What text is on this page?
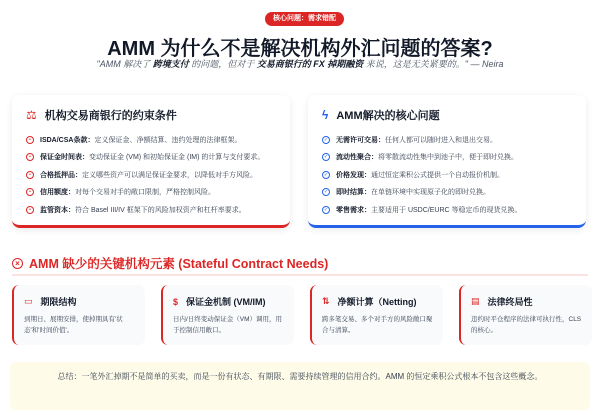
核心问题：需求错配
AMM 为什么不是解决机构外汇问题的答案?
"AMM 解决了 跨境支付 的问题，但对于 交易商银行的 FX 掉期融资 来说，这是无关紧要的。" — Neira
⚖ 机构交易商银行的约束条件
•	ISDA/CSA条款：定义保证金、净额结算、违约处理的法律框架。
•	保证金时间表：变动保证金 (VM) 和初始保证金 (IM) 的计算与支付要求。
•	合格抵押品：定义哪些资产可以满足保证金要求，以降低对手方风险。
•	信用额度：对每个交易对手的敞口限制，严格控制风险。
•	监管资本：符合 Basel III/IV 框架下的风险加权资产和杠杆率要求。
ϟ AMM解决的核心问题
✓ 无需许可交易：任何人都可以随时进入和退出交易。
✓ 流动性聚合：将零散流动性集中到池子中，便于即时兑换。
✓ 价格发现：通过恒定乘积公式提供一个自动报价机制。
✓ 即时结算：在单链环境中实现原子化的即时兑换。
✓ 零售需求：主要适用于 USDC/EURC 等稳定币的现货兑换。
× AMM 缺少的关键机构元素 (Stateful Contract Needs)
▭ 期限结构

到期日、展期安排，使掉期具有'状态'和'时间价值'。

$ 保证金机制 (VM/IM)

日内/日终变动保证金（VM）调用，用于控制信用敞口。

⇅ 净额计算（Netting)

跨多笔交易、多个对手方的风险敞口聚合与清算。

▤ 法律终局性

违约时平仓程序的法律可执行性，CLS的核心。

总结：一笔外汇掉期不是简单的买卖，而是一份有状态、有期限、需要持续管理的信用合约。AMM 的恒定乘积公式根本不包含这些概念。
